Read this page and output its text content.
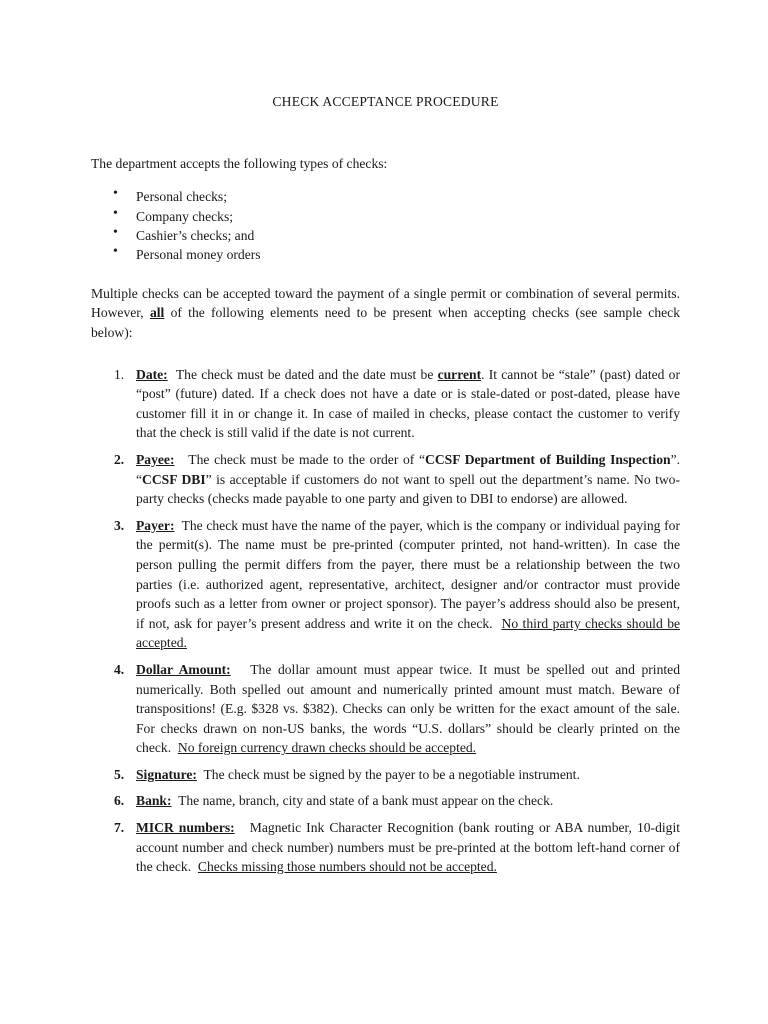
CHECK ACCEPTANCE PROCEDURE
The department accepts the following types of checks:
• Personal checks;
• Company checks;
• Cashier’s checks; and
• Personal money orders

Multiple checks can be accepted toward the payment of a single permit or combination of several permits. However, all of the following elements need to be present when accepting checks (see sample check below):

1. Date: The check must be dated and the date must be current. It cannot be “stale” (past) dated or “post” (future) dated. If a check does not have a date or is stale-dated or post-dated, please have customer fill it in or change it. In case of mailed in checks, please contact the customer to verify that the check is still valid if the date is not current.
2. Payee: The check must be made to the order of “CCSF Department of Building Inspection”. “CCSF DBI” is acceptable if customers do not want to spell out the department’s name. No two-party checks (checks made payable to one party and given to DBI to endorse) are allowed.
3. Payer: The check must have the name of the payer, which is the company or individual paying for the permit(s). The name must be pre-printed (computer printed, not hand-written). In case the person pulling the permit differs from the payer, there must be a relationship between the two parties (i.e. authorized agent, representative, architect, designer and/or contractor must provide proofs such as a letter from owner or project sponsor). The payer’s address should also be present, if not, ask for payer’s present address and write it on the check. No third party checks should be accepted.
4. Dollar Amount: The dollar amount must appear twice. It must be spelled out and printed numerically. Both spelled out amount and numerically printed amount must match. Beware of transpositions! (E.g. $328 vs. $382). Checks can only be written for the exact amount of the sale. For checks drawn on non-US banks, the words “U.S. dollars” should be clearly printed on the check. No foreign currency drawn checks should be accepted.
5. Signature: The check must be signed by the payer to be a negotiable instrument.
6. Bank: The name, branch, city and state of a bank must appear on the check.
7. MICR numbers: Magnetic Ink Character Recognition (bank routing or ABA number, 10-digit account number and check number) numbers must be pre-printed at the bottom left-hand corner of the check. Checks missing those numbers should not be accepted.
